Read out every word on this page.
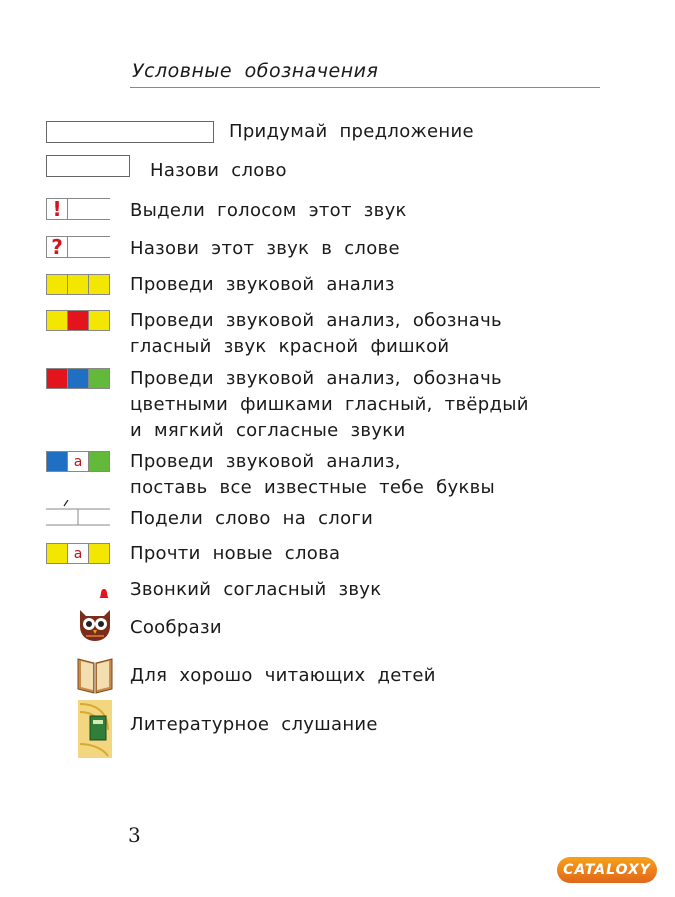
Условные обозначения
Придумай предложение
Назови слово
!	Выдели голосом этот звук
?	Назови этот звук в слове
Проведи звуковой анализ
Проведи звуковой анализ, обозначь
гласный звук красной фишкой
Проведи звуковой анализ, обозначь
цветными фишками гласный, твёрдый
и мягкий согласные звуки
а	Проведи звуковой анализ,
поставь все известные тебе буквы
Подели слово на слоги
а	Прочти новые слова
Звонкий согласный звук
Сообрази
Для хорошо читающих детей
Литературное слушание
3
CATALOXY
